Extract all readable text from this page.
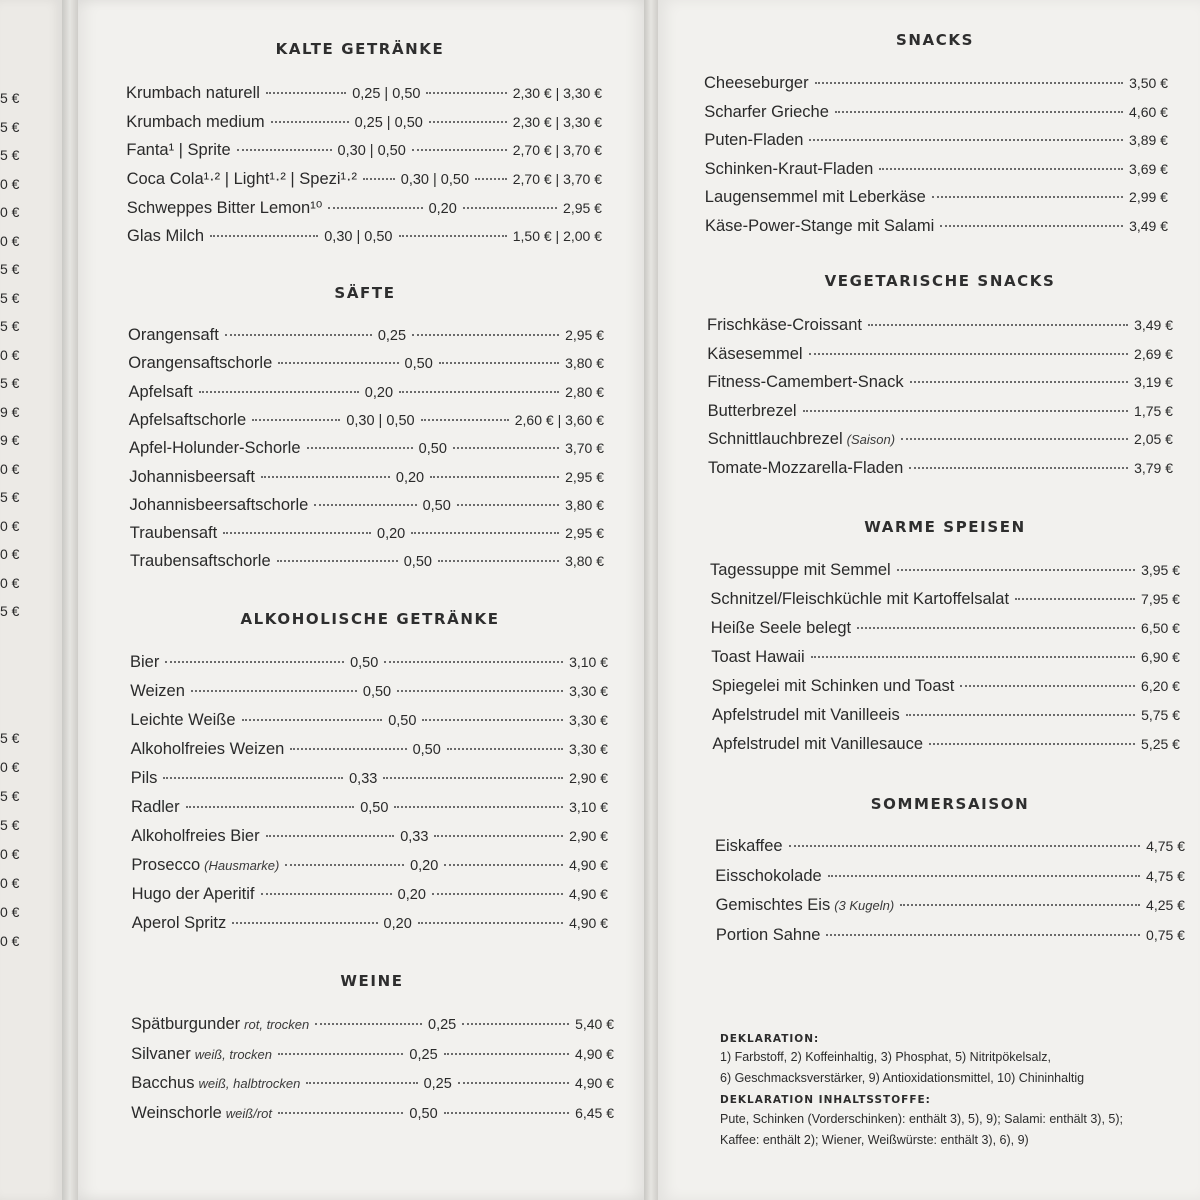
5 €
5 €
5 €
0 €
0 €
0 €
5 €
5 €
5 €
0 €
5 €
9 €
9 €
0 €
5 €
0 €
0 €
0 €
5 €
5 €
0 €
5 €
5 €
0 €
0 €
0 €
0 €
KALTE GETRÄNKE
Krumbach naturell	0,25 | 0,50	2,30 € | 3,30 €
Krumbach medium	0,25 | 0,50	2,30 € | 3,30 €
Fanta¹ | Sprite	0,30 | 0,50	2,70 € | 3,70 €
Coca Cola¹·² | Light¹·² | Spezi¹·²	0,30 | 0,50	2,70 € | 3,70 €
Schweppes Bitter Lemon¹⁰	0,20	2,95 €
Glas Milch	0,30 | 0,50	1,50 € | 2,00 €
SÄFTE
Orangensaft	0,25	2,95 €
Orangensaftschorle	0,50	3,80 €
Apfelsaft	0,20	2,80 €
Apfelsaftschorle	0,30 | 0,50	2,60 € | 3,60 €
Apfel-Holunder-Schorle	0,50	3,70 €
Johannisbeersaft	0,20	2,95 €
Johannisbeersaftschorle	0,50	3,80 €
Traubensaft	0,20	2,95 €
Traubensaftschorle	0,50	3,80 €
ALKOHOLISCHE GETRÄNKE
Bier	0,50	3,10 €
Weizen	0,50	3,30 €
Leichte Weiße	0,50	3,30 €
Alkoholfreies Weizen	0,50	3,30 €
Pils	0,33	2,90 €
Radler	0,50	3,10 €
Alkoholfreies Bier	0,33	2,90 €
Prosecco (Hausmarke)	0,20	4,90 €
Hugo der Aperitif	0,20	4,90 €
Aperol Spritz	0,20	4,90 €
WEINE
Spätburgunder rot, trocken	0,25	5,40 €
Silvaner weiß, trocken	0,25	4,90 €
Bacchus weiß, halbtrocken	0,25	4,90 €
Weinschorle weiß/rot	0,50	6,45 €
SNACKS
Cheeseburger	3,50 €
Scharfer Grieche	4,60 €
Puten-Fladen	3,89 €
Schinken-Kraut-Fladen	3,69 €
Laugensemmel mit Leberkäse	2,99 €
Käse-Power-Stange mit Salami	3,49 €
VEGETARISCHE SNACKS
Frischkäse-Croissant	3,49 €
Käsesemmel	2,69 €
Fitness-Camembert-Snack	3,19 €
Butterbrezel	1,75 €
Schnittlauchbrezel (Saison)	2,05 €
Tomate-Mozzarella-Fladen	3,79 €
WARME SPEISEN
Tagessuppe mit Semmel	3,95 €
Schnitzel/Fleischküchle mit Kartoffelsalat	7,95 €
Heiße Seele belegt	6,50 €
Toast Hawaii	6,90 €
Spiegelei mit Schinken und Toast	6,20 €
Apfelstrudel mit Vanilleeis	5,75 €
Apfelstrudel mit Vanillesauce	5,25 €
SOMMERSAISON
Eiskaffee	4,75 €
Eisschokolade	4,75 €
Gemischtes Eis (3 Kugeln)	4,25 €
Portion Sahne	0,75 €
DEKLARATION:
1) Farbstoff, 2) Koffeinhaltig, 3) Phosphat, 5) Nitritpökelsalz,
6) Geschmacksverstärker, 9) Antioxidationsmittel, 10) Chininhaltig
DEKLARATION INHALTSSTOFFE:
Pute, Schinken (Vorderschinken): enthält 3), 5), 9); Salami: enthält 3), 5);
Kaffee: enthält 2); Wiener, Weißwürste: enthält 3), 6), 9)
